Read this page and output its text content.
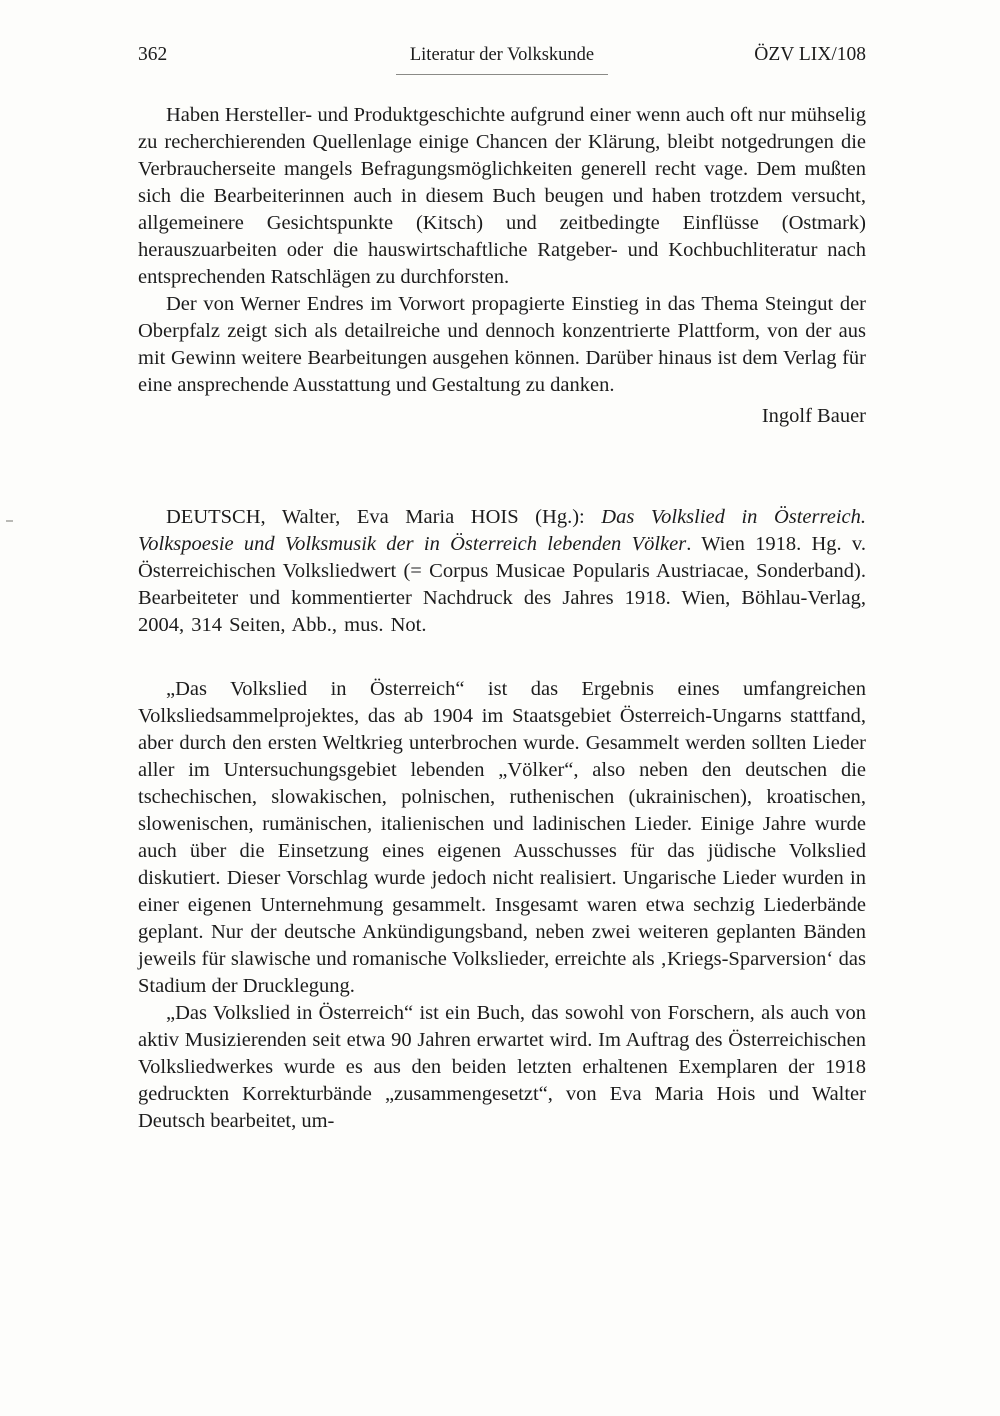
362	Literatur der Volkskunde	ÖZV LIX/108

Haben Hersteller- und Produktgeschichte aufgrund einer wenn auch oft nur mühselig zu recherchierenden Quellenlage einige Chancen der Klärung, bleibt notgedrungen die Verbraucherseite mangels Befragungsmöglichkeiten generell recht vage. Dem mußten sich die Bearbeiterinnen auch in diesem Buch beugen und haben trotzdem versucht, allgemeinere Gesichtspunkte (Kitsch) und zeitbedingte Einflüsse (Ostmark) herauszuarbeiten oder die hauswirtschaftliche Ratgeber- und Kochbuchliteratur nach entsprechenden Ratschlägen zu durchforsten.

Der von Werner Endres im Vorwort propagierte Einstieg in das Thema Steingut der Oberpfalz zeigt sich als detailreiche und dennoch konzentrierte Plattform, von der aus mit Gewinn weitere Bearbeitungen ausgehen können. Darüber hinaus ist dem Verlag für eine ansprechende Ausstattung und Gestaltung zu danken.

Ingolf Bauer

DEUTSCH, Walter, Eva Maria HOIS (Hg.): Das Volkslied in Österreich. Volkspoesie und Volksmusik der in Österreich lebenden Völker. Wien 1918. Hg. v. Österreichischen Volksliedwert (= Corpus Musicae Popularis Austriacae, Sonderband). Bearbeiteter und kommentierter Nachdruck des Jahres 1918. Wien, Böhlau-Verlag, 2004, 314 Seiten, Abb., mus. Not.

„Das Volkslied in Österreich“ ist das Ergebnis eines umfangreichen Volksliedsammelprojektes, das ab 1904 im Staatsgebiet Österreich-Ungarns stattfand, aber durch den ersten Weltkrieg unterbrochen wurde. Gesammelt werden sollten Lieder aller im Untersuchungsgebiet lebenden „Völker“, also neben den deutschen die tschechischen, slowakischen, polnischen, ruthenischen (ukrainischen), kroatischen, slowenischen, rumänischen, italienischen und ladinischen Lieder. Einige Jahre wurde auch über die Einsetzung eines eigenen Ausschusses für das jüdische Volkslied diskutiert. Dieser Vorschlag wurde jedoch nicht realisiert. Ungarische Lieder wurden in einer eigenen Unternehmung gesammelt. Insgesamt waren etwa sechzig Liederbände geplant. Nur der deutsche Ankündigungsband, neben zwei weiteren geplanten Bänden jeweils für slawische und romanische Volkslieder, erreichte als ‚Kriegs-Sparversion‘ das Stadium der Drucklegung.

„Das Volkslied in Österreich“ ist ein Buch, das sowohl von Forschern, als auch von aktiv Musizierenden seit etwa 90 Jahren erwartet wird. Im Auftrag des Österreichischen Volksliedwerkes wurde es aus den beiden letzten erhaltenen Exemplaren der 1918 gedruckten Korrekturbände „zusammengesetzt“, von Eva Maria Hois und Walter Deutsch bearbeitet, um-
